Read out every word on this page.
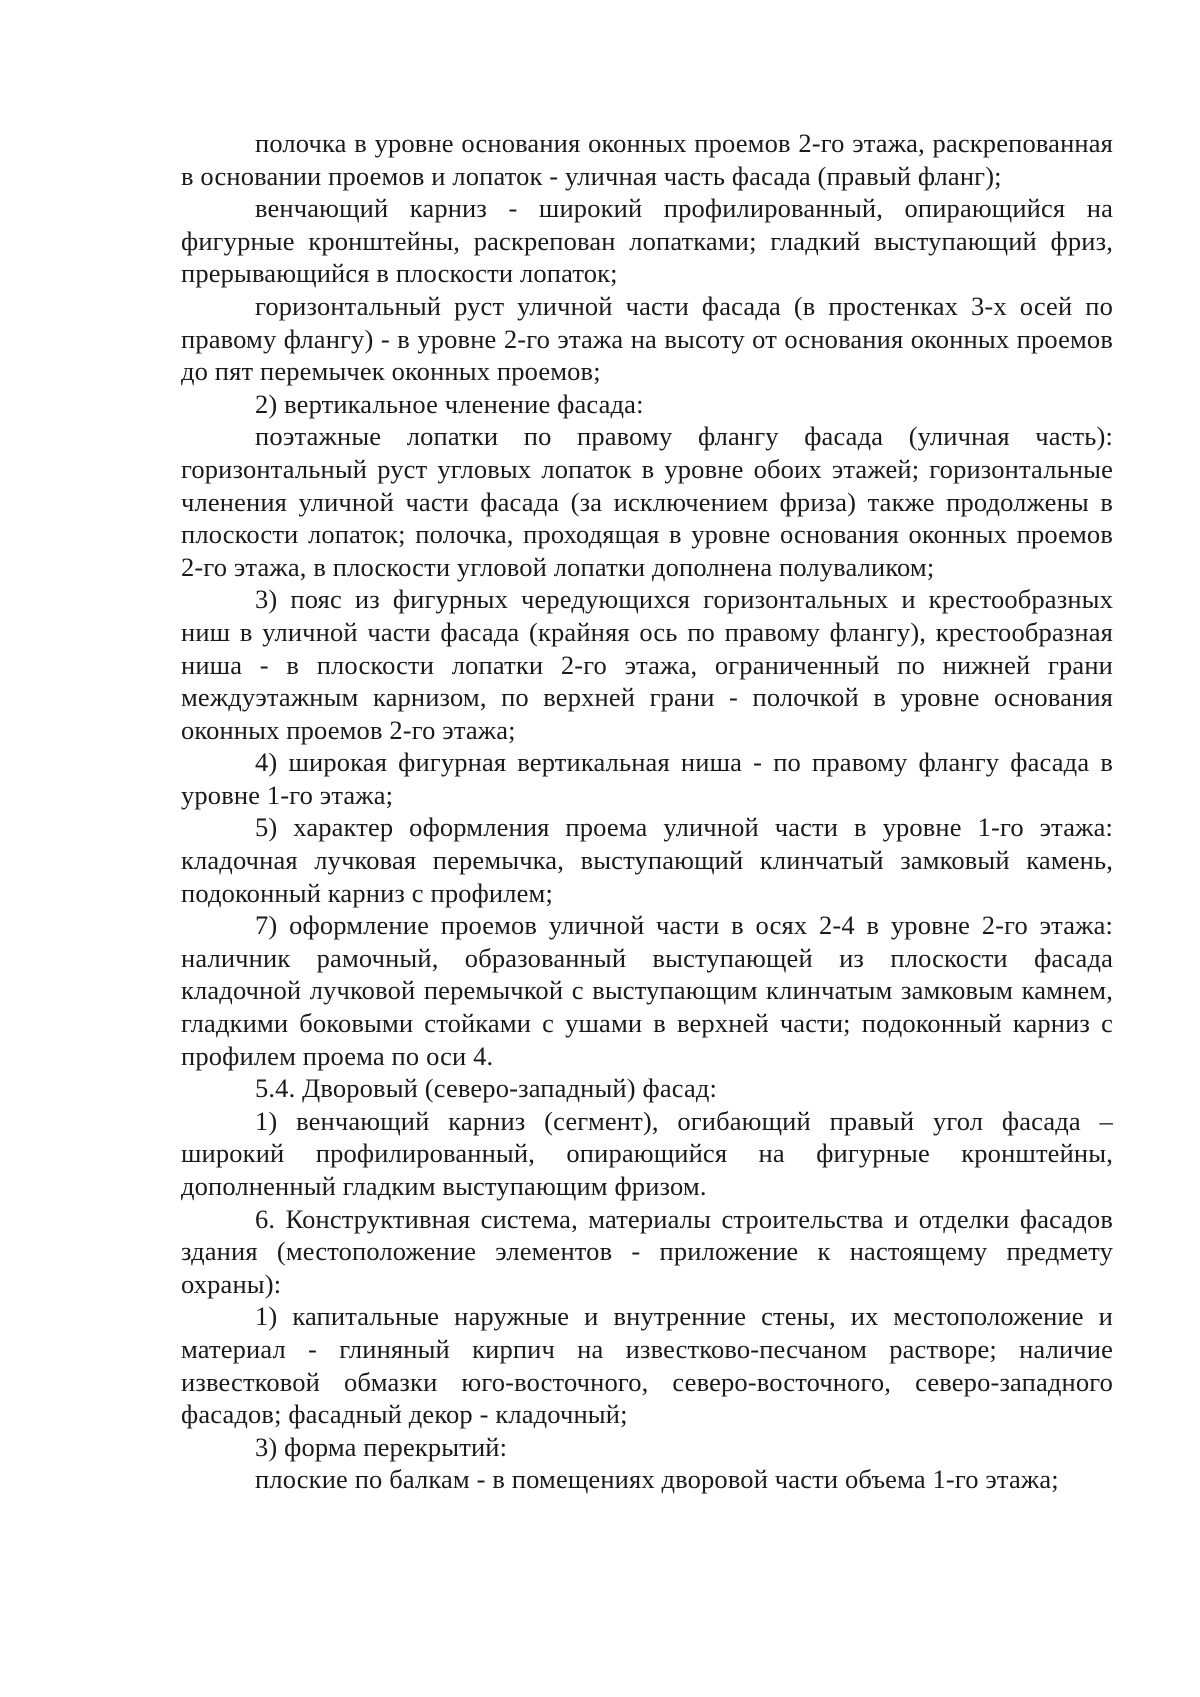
полочка в уровне основания оконных проемов 2-го этажа, раскрепованная в основании проемов и лопаток - уличная часть фасада (правый фланг);

венчающий карниз - широкий профилированный, опирающийся на фигурные кронштейны, раскрепован лопатками; гладкий выступающий фриз, прерывающийся в плоскости лопаток;

горизонтальный руст уличной части фасада (в простенках 3-х осей по правому флангу) - в уровне 2-го этажа на высоту от основания оконных проемов до пят перемычек оконных проемов;

2) вертикальное членение фасада:

поэтажные лопатки по правому флангу фасада (уличная часть): горизонтальный руст угловых лопаток в уровне обоих этажей; горизонтальные членения уличной части фасада (за исключением фриза) также продолжены в плоскости лопаток; полочка, проходящая в уровне основания оконных проемов 2-го этажа, в плоскости угловой лопатки дополнена полуваликом;

3) пояс из фигурных чередующихся горизонтальных и крестообразных ниш в уличной части фасада (крайняя ось по правому флангу), крестообразная ниша - в плоскости лопатки 2-го этажа, ограниченный по нижней грани междуэтажным карнизом, по верхней грани - полочкой в уровне основания оконных проемов 2-го этажа;

4) широкая фигурная вертикальная ниша - по правому флангу фасада в уровне 1-го этажа;

5) характер оформления проема уличной части в уровне 1-го этажа: кладочная лучковая перемычка, выступающий клинчатый замковый камень, подоконный карниз с профилем;

7) оформление проемов уличной части в осях 2-4 в уровне 2-го этажа: наличник рамочный, образованный выступающей из плоскости фасада кладочной лучковой перемычкой с выступающим клинчатым замковым камнем, гладкими боковыми стойками с ушами в верхней части; подоконный карниз с профилем проема по оси 4.

5.4. Дворовый (северо-западный) фасад:

1) венчающий карниз (сегмент), огибающий правый угол фасада – широкий профилированный, опирающийся на фигурные кронштейны, дополненный гладким выступающим фризом.

6. Конструктивная система, материалы строительства и отделки фасадов здания (местоположение элементов - приложение к настоящему предмету охраны):

1) капитальные наружные и внутренние стены, их местоположение и материал - глиняный кирпич на известково-песчаном растворе; наличие известковой обмазки юго-восточного, северо-восточного, северо-западного фасадов; фасадный декор - кладочный;

3) форма перекрытий:

плоские по балкам - в помещениях дворовой части объема 1-го этажа;
